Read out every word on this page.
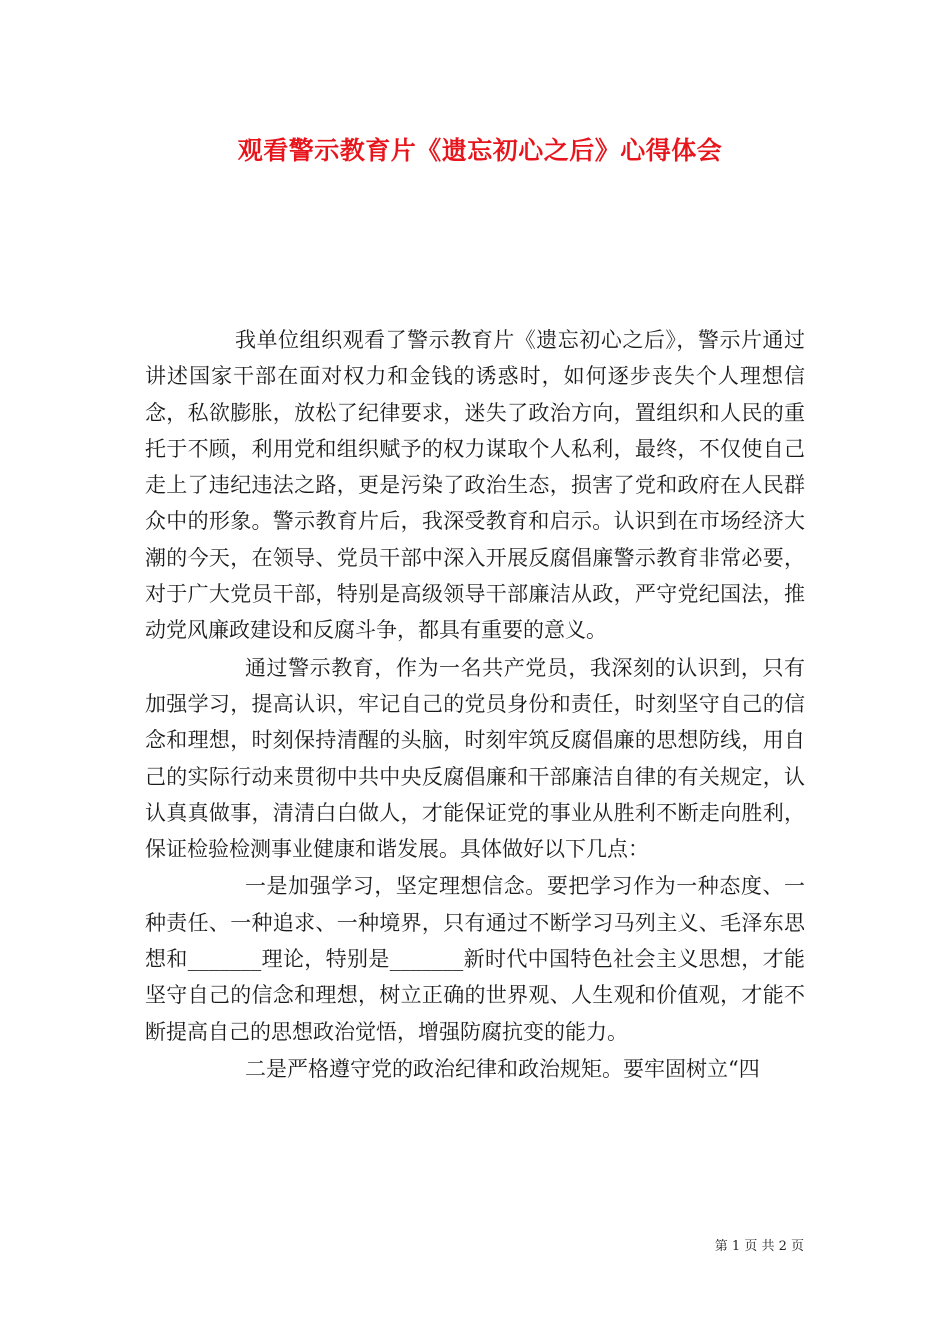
观看警示教育片《遗忘初心之后》心得体会

我单位组织观看了警示教育片《遗忘初心之后》，警示片通过讲述国家干部在面对权力和金钱的诱惑时，如何逐步丧失个人理想信念，私欲膨胀，放松了纪律要求，迷失了政治方向，置组织和人民的重托于不顾，利用党和组织赋予的权力谋取个人私利，最终，不仅使自己走上了违纪违法之路，更是污染了政治生态，损害了党和政府在人民群众中的形象。警示教育片后，我深受教育和启示。认识到在市场经济大潮的今天，在领导、党员干部中深入开展反腐倡廉警示教育非常必要，对于广大党员干部，特别是高级领导干部廉洁从政，严守党纪国法，推动党风廉政建设和反腐斗争，都具有重要的意义。

通过警示教育，作为一名共产党员，我深刻的认识到，只有加强学习，提高认识，牢记自己的党员身份和责任，时刻坚守自己的信念和理想，时刻保持清醒的头脑，时刻牢筑反腐倡廉的思想防线，用自己的实际行动来贯彻中共中央反腐倡廉和干部廉洁自律的有关规定，认认真真做事，清清白白做人，才能保证党的事业从胜利不断走向胜利，保证检验检测事业健康和谐发展。具体做好以下几点：

一是加强学习，坚定理想信念。要把学习作为一种态度、一种责任、一种追求、一种境界，只有通过不断学习马列主义、毛泽东思想和_______理论，特别是_______新时代中国特色社会主义思想，才能坚守自己的信念和理想，树立正确的世界观、人生观和价值观，才能不断提高自己的思想政治觉悟，增强防腐抗变的能力。

二是严格遵守党的政治纪律和政治规矩。要牢固树立“四

第 1 页 共 2 页
